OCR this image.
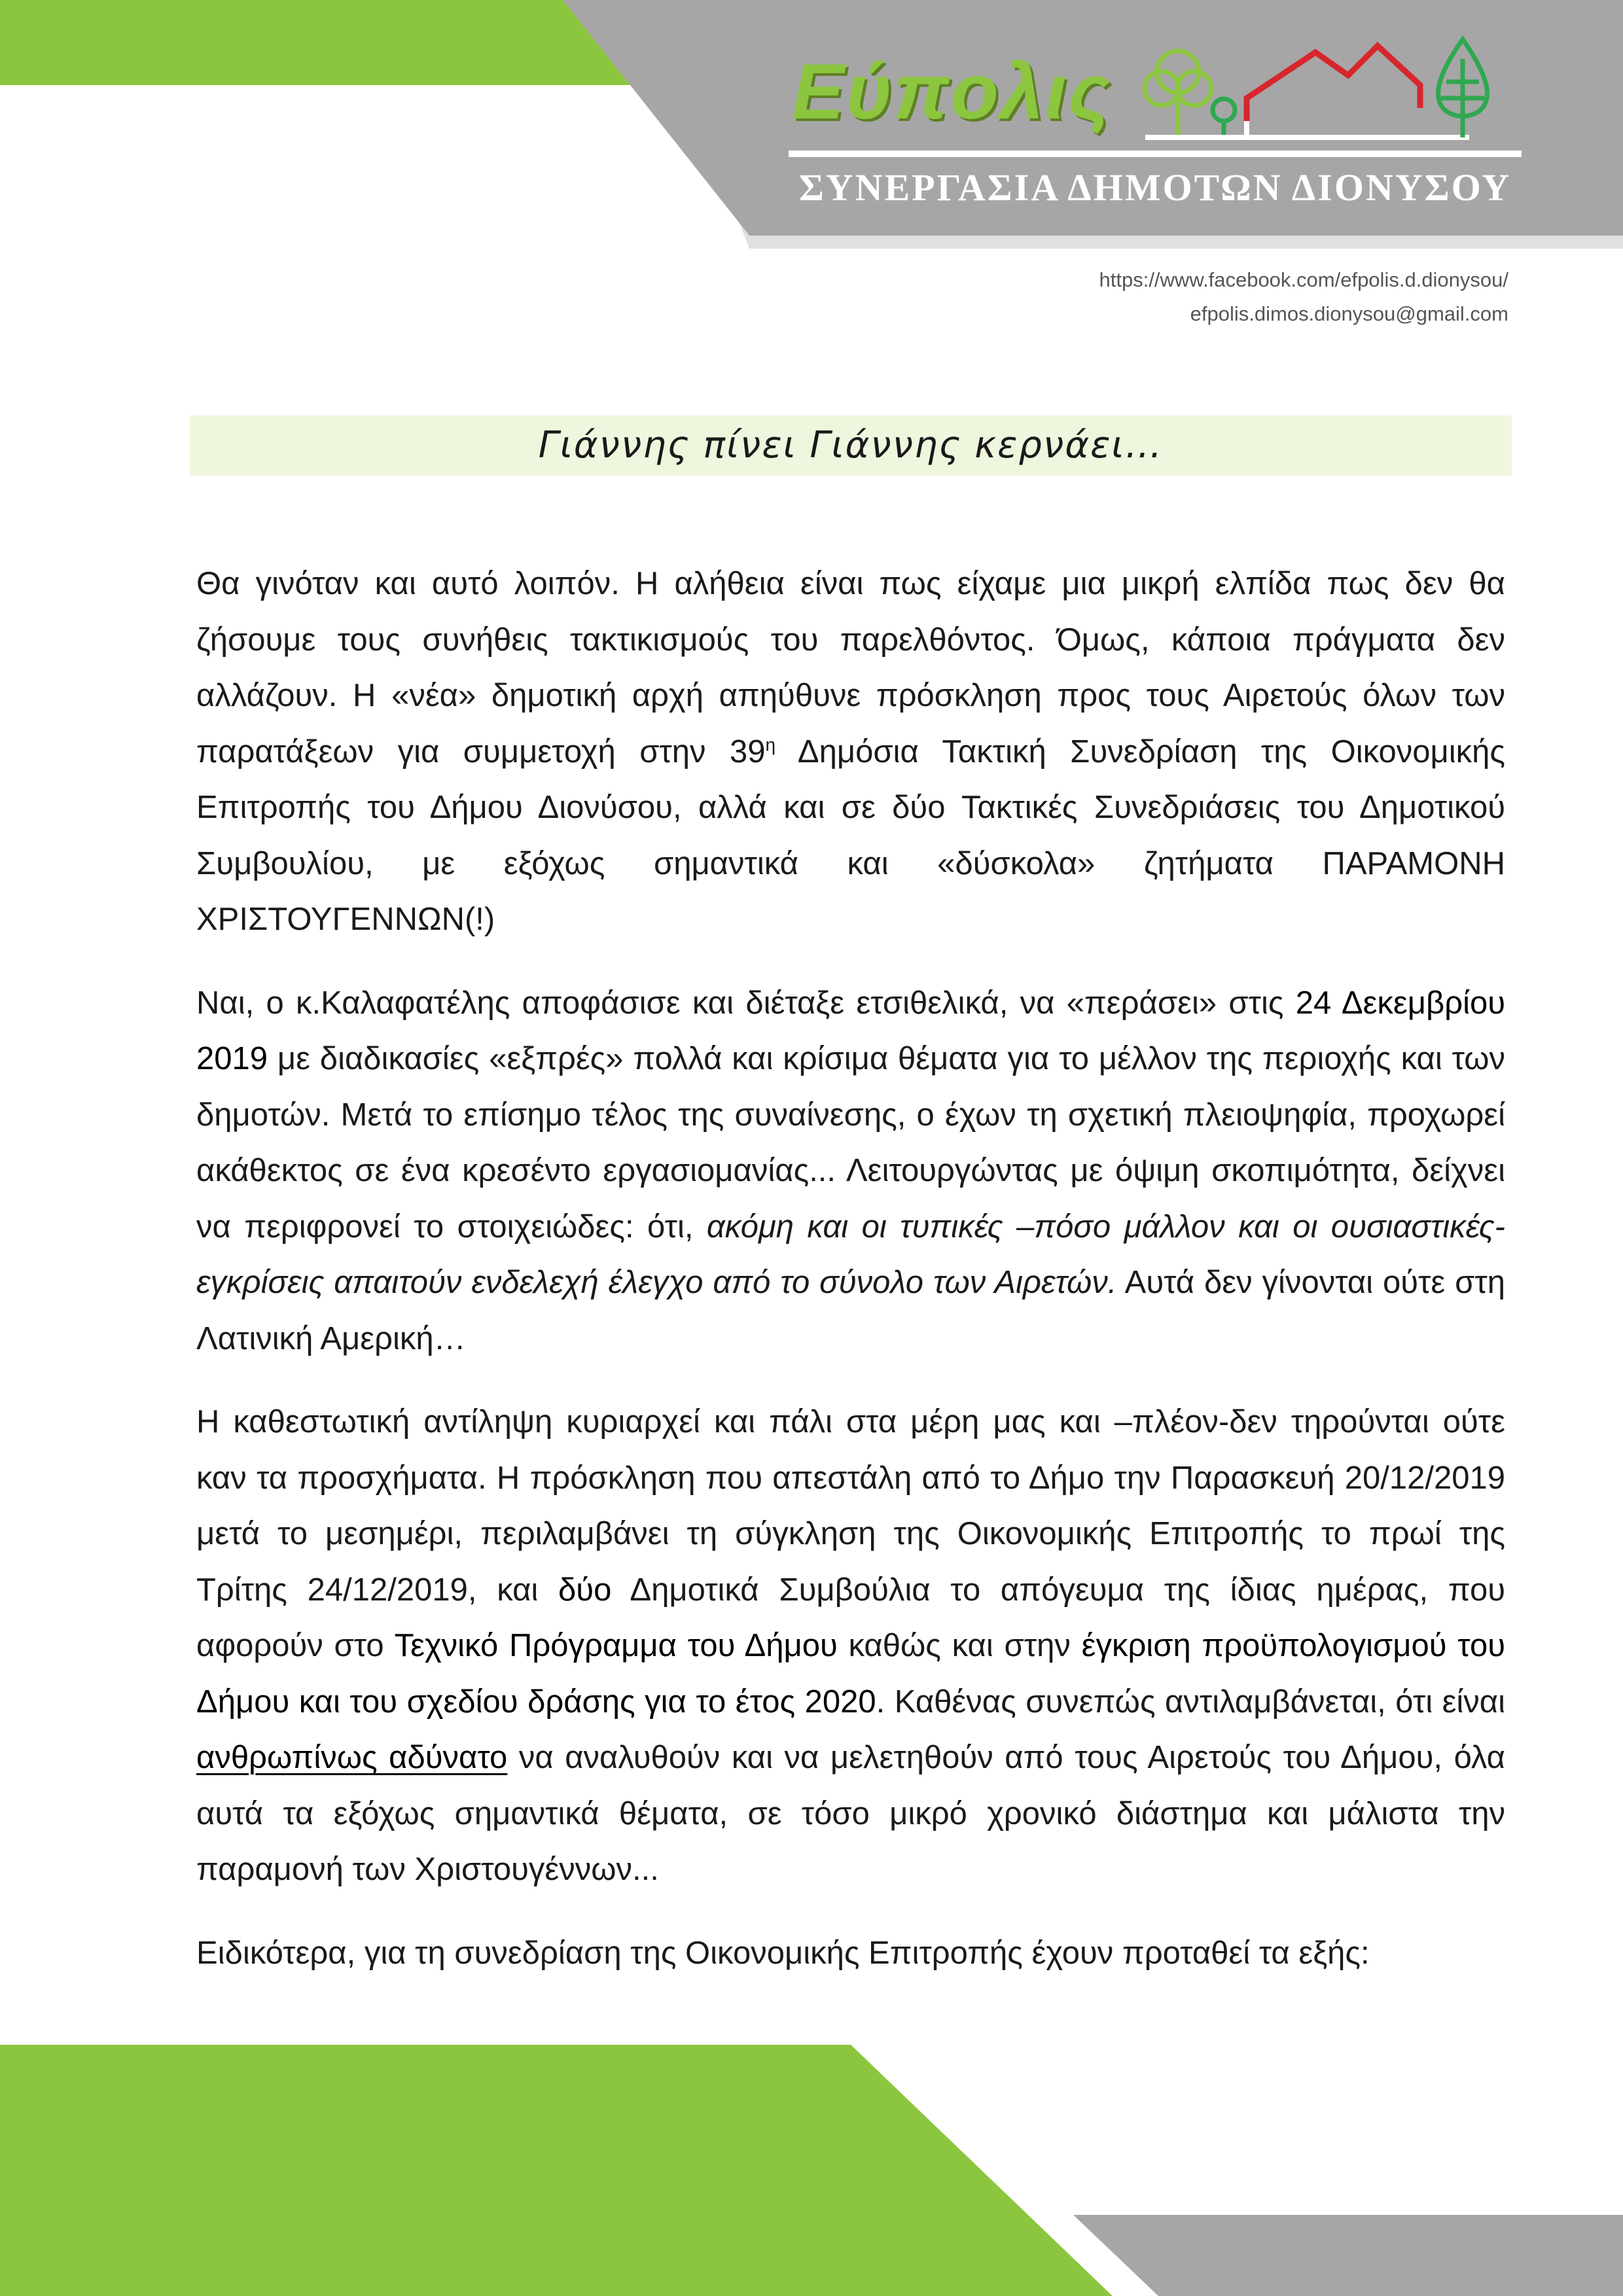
Εύπολις
ΣΥΝΕΡΓΑΣΙΑ ΔΗΜΟΤΩΝ ΔΙΟΝΥΣΟΥ
https://www.facebook.com/efpolis.d.dionysou/
efpolis.dimos.dionysou@gmail.com
Γιάννης πίνει Γιάννης κερνάει…

Θα γινόταν και αυτό λοιπόν. Η αλήθεια είναι πως είχαμε μια μικρή ελπίδα πως δεν θα ζήσουμε τους συνήθεις τακτικισμούς του παρελθόντος. Όμως, κάποια πράγματα δεν αλλάζουν. Η «νέα» δημοτική αρχή απηύθυνε πρόσκληση προς τους Αιρετούς όλων των παρατάξεων για συμμετοχή στην $39^\eta$ Δημόσια Τακτική Συνεδρίαση της Οικονομικής Επιτροπής του Δήμου Διονύσου, αλλά και σε δύο Τακτικές Συνεδριάσεις του Δημοτικού Συμβουλίου, με εξόχως σημαντικά και «δύσκολα» ζητήματα ΠΑΡΑΜΟΝΗ ΧΡΙΣΤΟΥΓΕΝΝΩΝ(!)

Ναι, ο κ.Καλαφατέλης αποφάσισε και διέταξε ετσιθελικά, να «περάσει» στις 24 Δεκεμβρίου 2019 με διαδικασίες «εξπρές» πολλά και κρίσιμα θέματα για το μέλλον της περιοχής και των δημοτών. Μετά το επίσημο τέλος της συναίνεσης, ο έχων τη σχετική πλειοψηφία, προχωρεί ακάθεκτος σε ένα κρεσέντο εργασιομανίας... Λειτουργώντας με όψιμη σκοπιμότητα, δείχνει να περιφρονεί το στοιχειώδες: ότι, ακόμη και οι τυπικές –πόσο μάλλον και οι ουσιαστικές- εγκρίσεις απαιτούν ενδελεχή έλεγχο από το σύνολο των Αιρετών. Αυτά δεν γίνονται ούτε στη Λατινική Αμερική…

Η καθεστωτική αντίληψη κυριαρχεί και πάλι στα μέρη μας και –πλέον-δεν τηρούνται ούτε καν τα προσχήματα. Η πρόσκληση που απεστάλη από το Δήμο την Παρασκευή 20/12/2019 μετά το μεσημέρι, περιλαμβάνει τη σύγκληση της Οικονομικής Επιτροπής το πρωί της Τρίτης 24/12/2019, και δύο Δημοτικά Συμβούλια το απόγευμα της ίδιας ημέρας, που αφορούν στο Τεχνικό Πρόγραμμα του Δήμου καθώς και στην έγκριση προϋπολογισμού του Δήμου και του σχεδίου δράσης για το έτος 2020. Καθένας συνεπώς αντιλαμβάνεται, ότι είναι ανθρωπίνως αδύνατο να αναλυθούν και να μελετηθούν από τους Αιρετούς του Δήμου, όλα αυτά τα εξόχως σημαντικά θέματα, σε τόσο μικρό χρονικό διάστημα και μάλιστα την παραμονή των Χριστουγέννων...

Ειδικότερα, για τη συνεδρίαση της Οικονομικής Επιτροπής έχουν προταθεί τα εξής:
